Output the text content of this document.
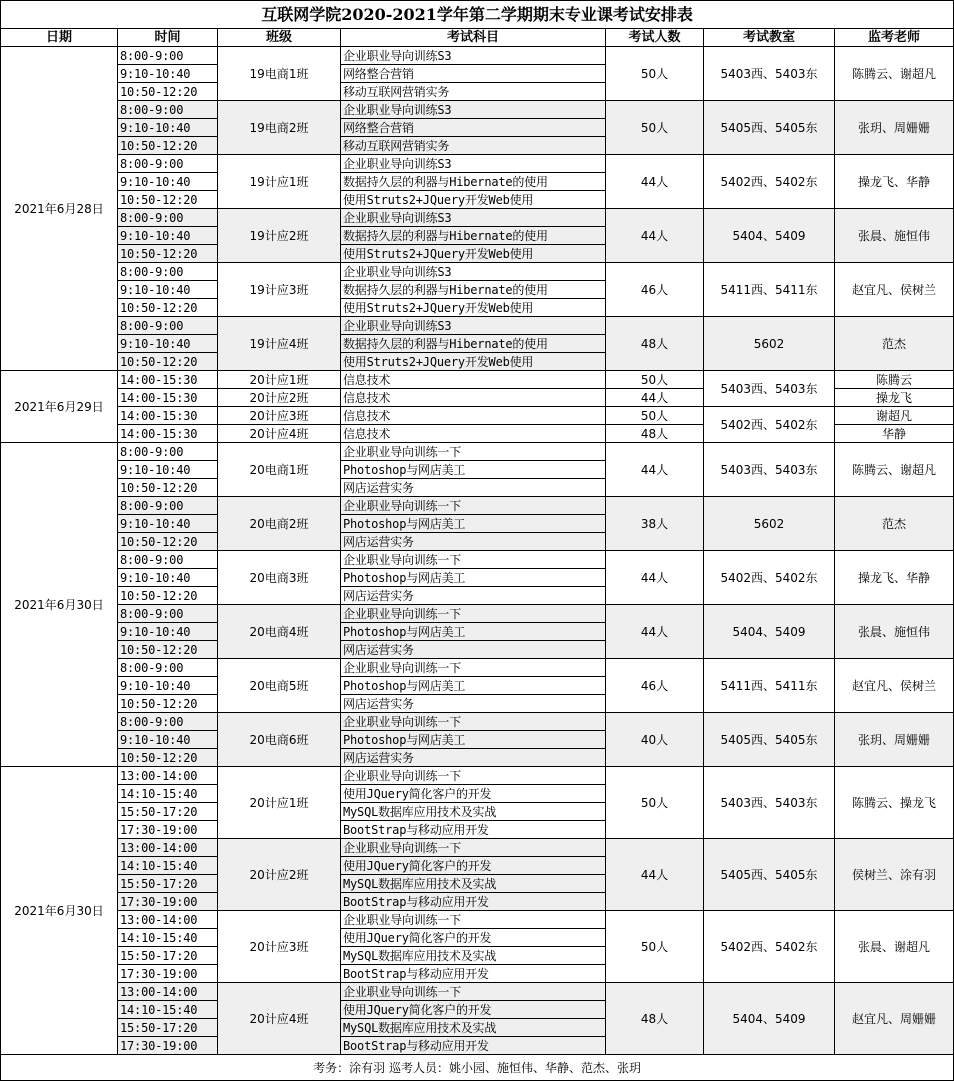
互联网学院2020-2021学年第二学期期末专业课考试安排表						
日期	时间	班级	考试科目	考试人数	考试教室	监考老师
2021年6月28日	8:00-9:00	19电商1班	企业职业导向训练S3	50人	5403西、5403东	陈腾云、谢超凡
	9:10-10:40		网络整合营销			
	10:50-12:20		移动互联网营销实务			
	8:00-9:00	19电商2班	企业职业导向训练S3	50人	5405西、5405东	张玥、周姗姗
	9:10-10:40		网络整合营销			
	10:50-12:20		移动互联网营销实务			
	8:00-9:00	19计应1班	企业职业导向训练S3	44人	5402西、5402东	操龙飞、华静
	9:10-10:40		数据持久层的利器与Hibernate的使用			
	10:50-12:20		使用Struts2+JQuery开发Web使用			
	8:00-9:00	19计应2班	企业职业导向训练S3	44人	5404、5409	张晨、施恒伟
	9:10-10:40		数据持久层的利器与Hibernate的使用			
	10:50-12:20		使用Struts2+JQuery开发Web使用			
	8:00-9:00	19计应3班	企业职业导向训练S3	46人	5411西、5411东	赵宜凡、侯树兰
	9:10-10:40		数据持久层的利器与Hibernate的使用			
	10:50-12:20		使用Struts2+JQuery开发Web使用			
	8:00-9:00	19计应4班	企业职业导向训练S3	48人	5602	范杰
	9:10-10:40		数据持久层的利器与Hibernate的使用			
	10:50-12:20		使用Struts2+JQuery开发Web使用			
2021年6月29日	14:00-15:30	20计应1班	信息技术	50人	5403西、5403东	陈腾云
	14:00-15:30	20计应2班	信息技术	44人		操龙飞
	14:00-15:30	20计应3班	信息技术	50人	5402西、5402东	谢超凡
	14:00-15:30	20计应4班	信息技术	48人		华静
2021年6月30日	8:00-9:00	20电商1班	企业职业导向训练一下	44人	5403西、5403东	陈腾云、谢超凡
	9:10-10:40		Photoshop与网店美工			
	10:50-12:20		网店运营实务			
	8:00-9:00	20电商2班	企业职业导向训练一下	38人	5602	范杰
	9:10-10:40		Photoshop与网店美工			
	10:50-12:20		网店运营实务			
	8:00-9:00	20电商3班	企业职业导向训练一下	44人	5402西、5402东	操龙飞、华静
	9:10-10:40		Photoshop与网店美工			
	10:50-12:20		网店运营实务			
	8:00-9:00	20电商4班	企业职业导向训练一下	44人	5404、5409	张晨、施恒伟
	9:10-10:40		Photoshop与网店美工			
	10:50-12:20		网店运营实务			
	8:00-9:00	20电商5班	企业职业导向训练一下	46人	5411西、5411东	赵宜凡、侯树兰
	9:10-10:40		Photoshop与网店美工			
	10:50-12:20		网店运营实务			
	8:00-9:00	20电商6班	企业职业导向训练一下	40人	5405西、5405东	张玥、周姗姗
	9:10-10:40		Photoshop与网店美工			
	10:50-12:20		网店运营实务			
2021年6月30日	13:00-14:00	20计应1班	企业职业导向训练一下	50人	5403西、5403东	陈腾云、操龙飞
	14:10-15:40		使用JQuery简化客户的开发			
	15:50-17:20		MySQL数据库应用技术及实战			
	17:30-19:00		BootStrap与移动应用开发			
	13:00-14:00	20计应2班	企业职业导向训练一下	44人	5405西、5405东	侯树兰、涂有羽
	14:10-15:40		使用JQuery简化客户的开发			
	15:50-17:20		MySQL数据库应用技术及实战			
	17:30-19:00		BootStrap与移动应用开发			
	13:00-14:00	20计应3班	企业职业导向训练一下	50人	5402西、5402东	张晨、谢超凡
	14:10-15:40		使用JQuery简化客户的开发			
	15:50-17:20		MySQL数据库应用技术及实战			
	17:30-19:00		BootStrap与移动应用开发			
	13:00-14:00	20计应4班	企业职业导向训练一下	48人	5404、5409	赵宜凡、周姗姗
	14:10-15:40		使用JQuery简化客户的开发			
	15:50-17:20		MySQL数据库应用技术及实战			
	17:30-19:00		BootStrap与移动应用开发			
考务：涂有羽 巡考人员：姚小园、施恒伟、华静、范杰、张玥						
